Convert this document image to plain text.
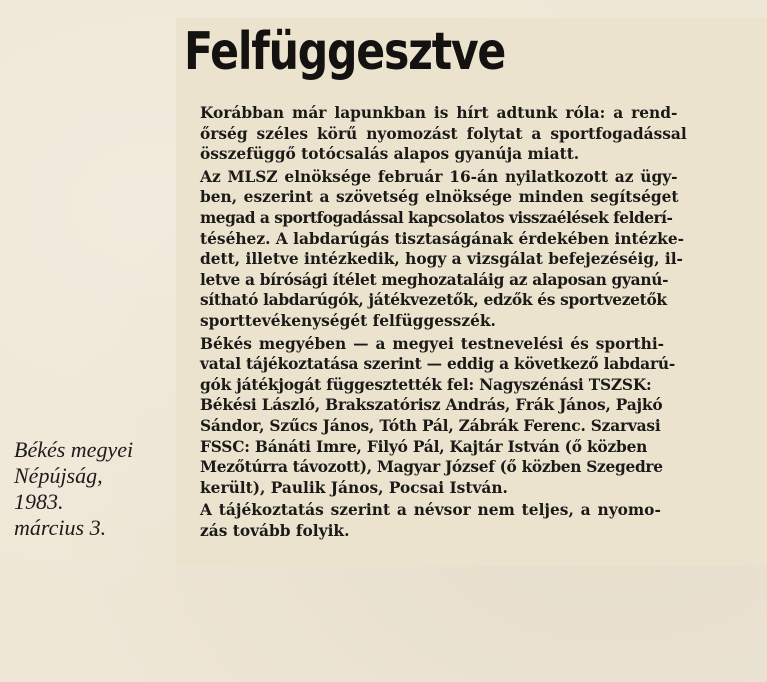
Felfüggesztve

Korábban már lapunkban is hírt adtunk róla: a rend-
őrség széles körű nyomozást folytat a sportfogadással
összefüggő totócsalás alapos gyanúja miatt.

Az MLSZ elnöksége február 16-án nyilatkozott az ügy-
ben, eszerint a szövetség elnöksége minden segítséget
megad a sportfogadással kapcsolatos visszaélések felderí-
téséhez. A labdarúgás tisztaságának érdekében intézke-
dett, illetve intézkedik, hogy a vizsgálat befejezéséig, il-
letve a bírósági ítélet meghozataláig az alaposan gyanú-
sítható labdarúgók, játékvezetők, edzők és sportvezetők
sporttevékenységét felfüggesszék.

Békés megyében — a megyei testnevelési és sporthi-
vatal tájékoztatása szerint — eddig a következő labdarú-
gók játékjogát függesztették fel: Nagyszénási TSZSK:
Békési László, Brakszatórisz András, Frák János, Pajkó
Sándor, Szűcs János, Tóth Pál, Zábrák Ferenc. Szarvasi
FSSC: Bánáti Imre, Filyó Pál, Kajtár István (ő közben
Mezőtúrra távozott), Magyar József (ő közben Szegedre
került), Paulik János, Pocsai István.

A tájékoztatás szerint a névsor nem teljes, a nyomo-
zás tovább folyik.

Békés megyei
Népújság,
1983.
március 3.
